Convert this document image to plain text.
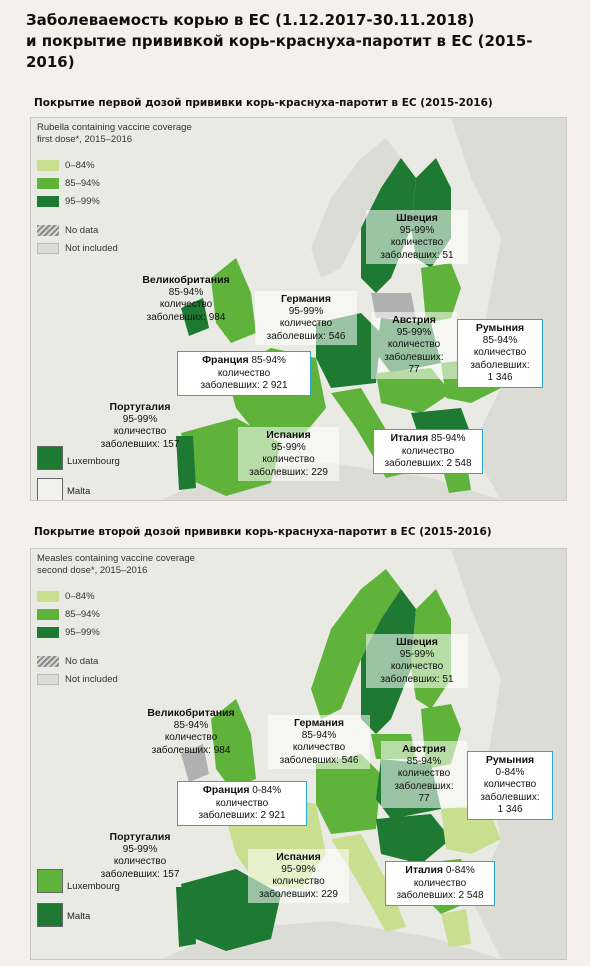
Заболеваемость корью в ЕС (1.12.2017-30.11.2018)
и покрытие прививкой корь-краснуха-паротит в ЕС (2015-2016)
Покрытие первой дозой прививки корь-краснуха-паротит в ЕС (2015-2016)
Rubella containing vaccine coverage
first dose*, 2015–2016
0–84%
85–94%
95–99%
No data
Not included
Luxembourg
Malta
Швеция
95-99%
количество
заболевших: 51
Великобритания
85-94%
количество
заболевших: 984
Германия
95-99%
количество
заболевших: 546
Австрия
95-99%
количество
заболевших:
77
Румыния
85-94%
количество
заболевших:
1 346
Франция 85-94%
количество
заболевших: 2 921
Португалия
95-99%
количество
заболевших: 157
Испания
95-99%
количество
заболевших: 229
Италия 85-94%
количество
заболевших: 2 548
Покрытие второй дозой прививки корь-краснуха-паротит в ЕС (2015-2016)
Measles containing vaccine coverage
second dose*, 2015–2016
0–84%
85–94%
95–99%
No data
Not included
Luxembourg
Malta
Швеция
95-99%
количество
заболевших: 51
Великобритания
85-94%
количество
заболевших: 984
Германия
85-94%
количество
заболевших: 546
Австрия
85-94%
количество
заболевших:
77
Румыния
0-84%
количество
заболевших:
1 346
Франция 0-84%
количество
заболевших: 2 921
Португалия
95-99%
количество
заболевших: 157
Испания
95-99%
количество
заболевших: 229
Италия 0-84%
количество
заболевших: 2 548
